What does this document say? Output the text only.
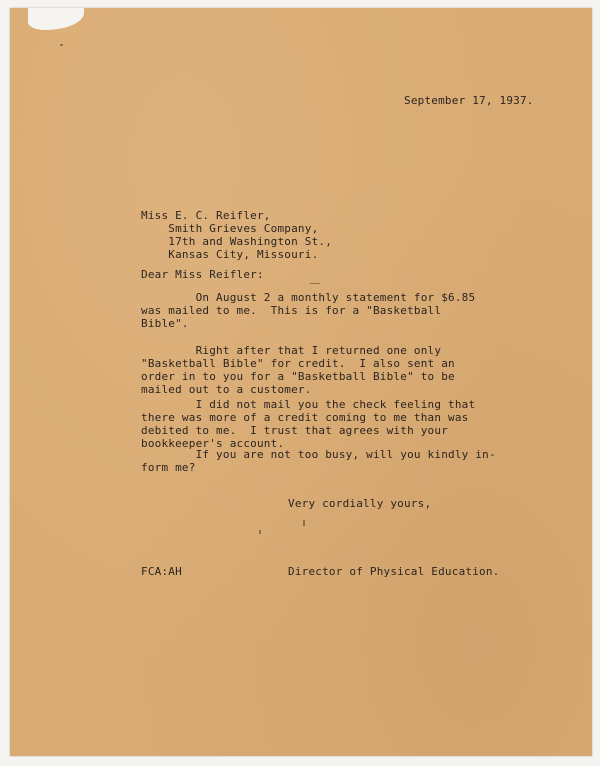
September 17, 1937.
Miss E. C. Reifler,
Smith Grieves Company,
17th and Washington St.,
Kansas City, Missouri.
Dear Miss Reifler:
On August 2 a monthly statement for $6.85
was mailed to me.  This is for a "Basketball
Bible".
Right after that I returned one only
"Basketball Bible" for credit.  I also sent an
order in to you for a "Basketball Bible" to be
mailed out to a customer.
I did not mail you the check feeling that
there was more of a credit coming to me than was
debited to me.  I trust that agrees with your
bookkeeper's account.
If you are not too busy, will you kindly in-
form me?
Very cordially yours,
FCA:AH	Director of Physical Education.
